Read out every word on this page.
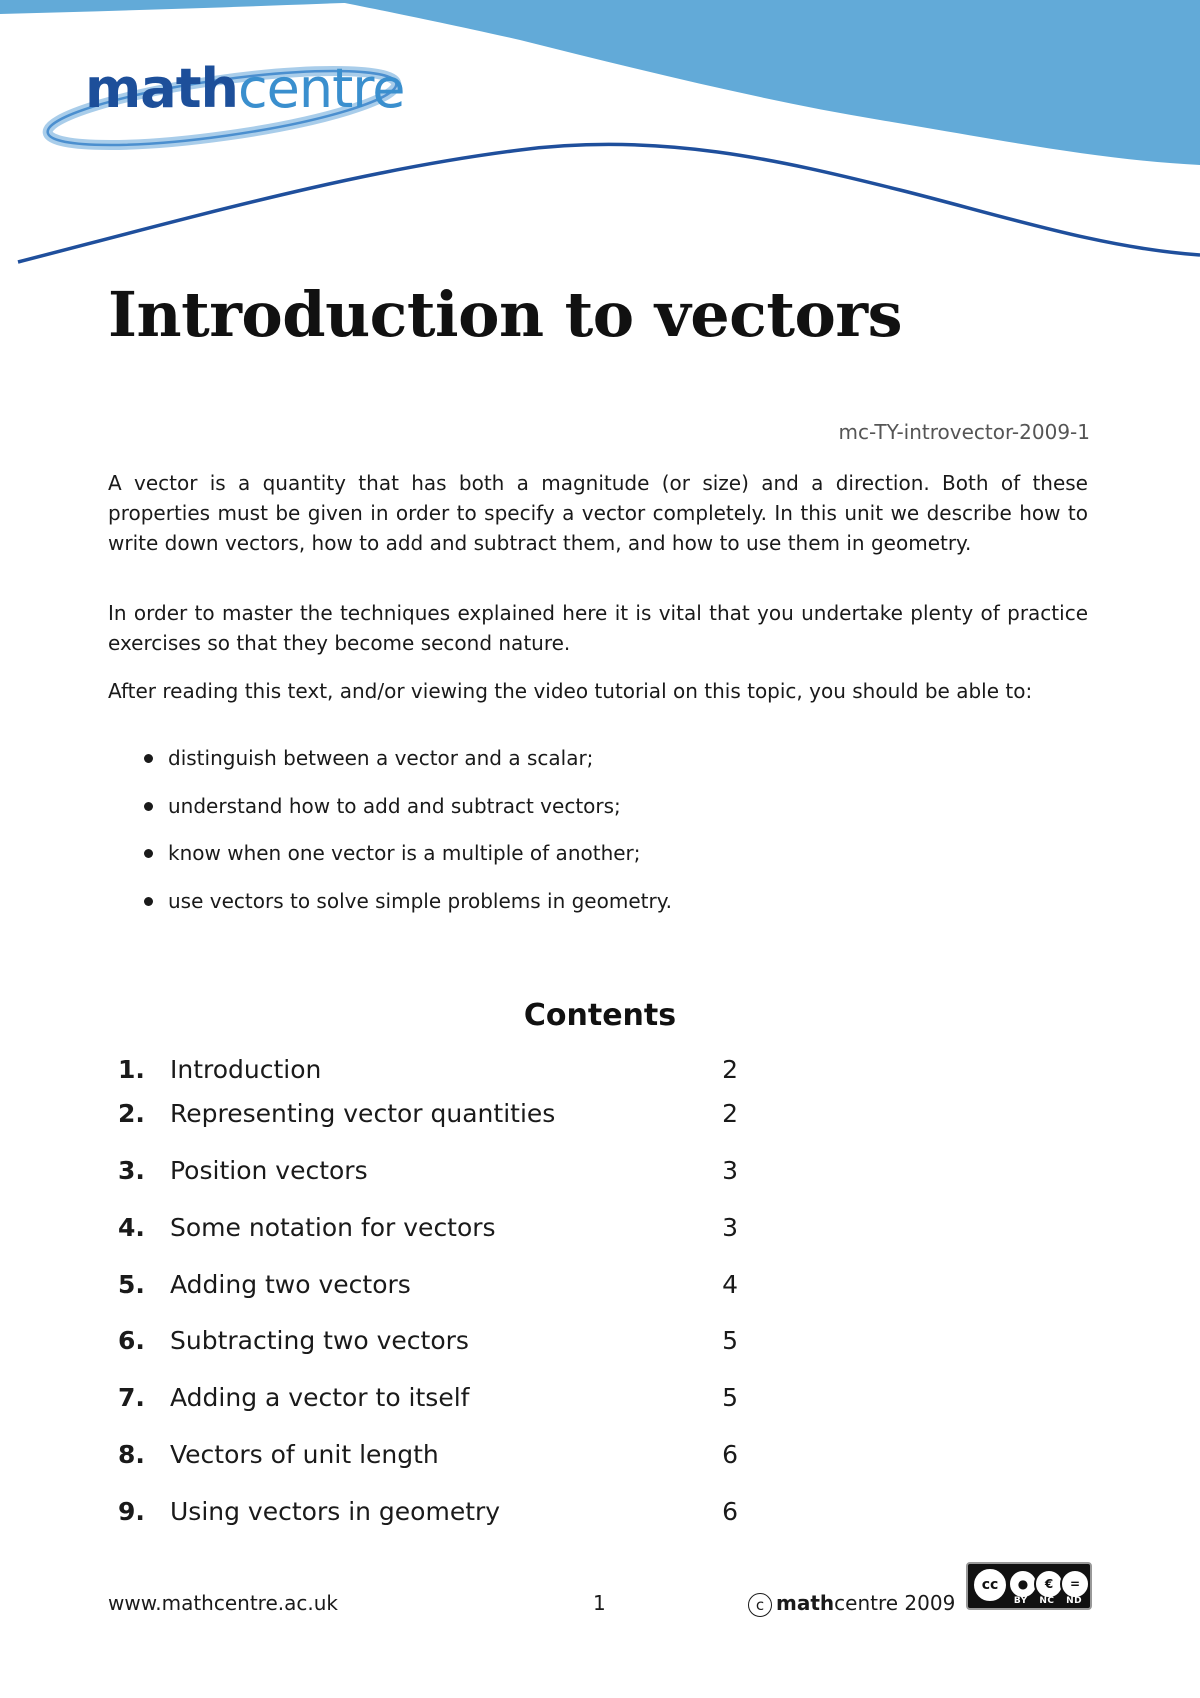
mathcentre
Introduction to vectors
mc-TY-introvector-2009-1

A vector is a quantity that has both a magnitude (or size) and a direction. Both of these properties must be given in order to specify a vector completely. In this unit we describe how to write down vectors, how to add and subtract them, and how to use them in geometry.

In order to master the techniques explained here it is vital that you undertake plenty of practice exercises so that they become second nature.

After reading this text, and/or viewing the video tutorial on this topic, you should be able to:

distinguish between a vector and a scalar;
understand how to add and subtract vectors;
know when one vector is a multiple of another;
use vectors to solve simple problems in geometry.
Contents
1. Introduction	2
2. Representing vector quantities	2
3. Position vectors	3
4. Some notation for vectors	3
5. Adding two vectors	4
6. Subtracting two vectors	5
7. Adding a vector to itself	5
8. Vectors of unit length	6
9. Using vectors in geometry	6
www.mathcentre.ac.uk	1	c mathcentre 2009
cc	●	€	=
BY NC ND
